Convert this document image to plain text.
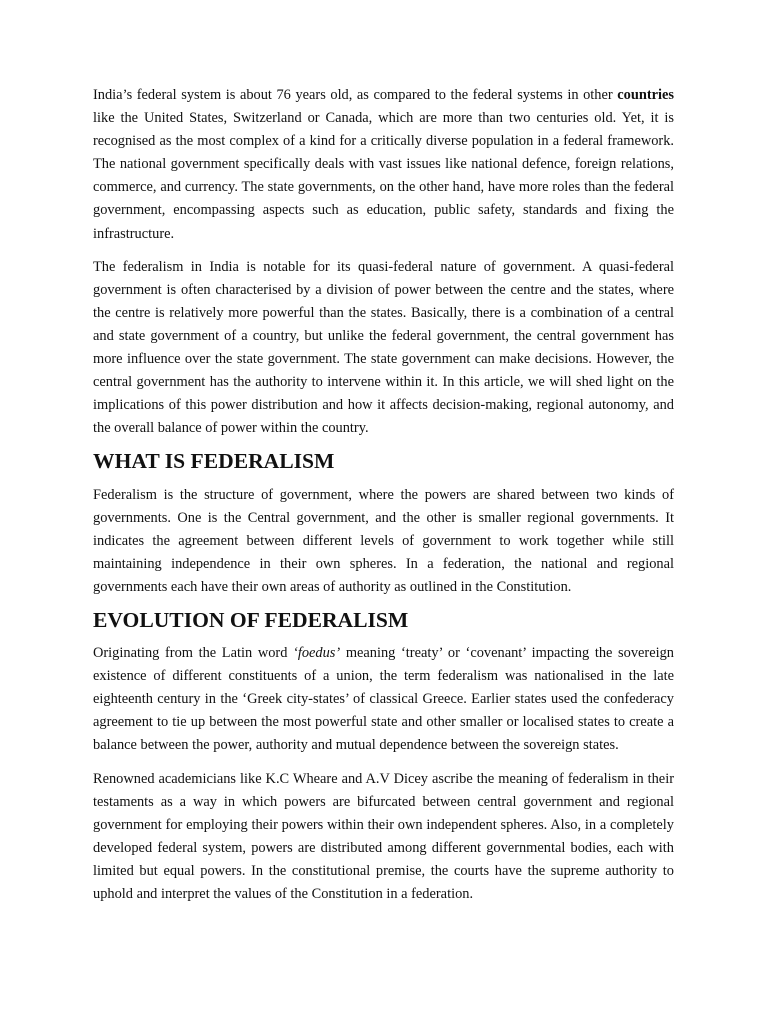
India’s federal system is about 76 years old, as compared to the federal systems in other countries like the United States, Switzerland or Canada, which are more than two centuries old. Yet, it is recognised as the most complex of a kind for a critically diverse population in a federal framework. The national government specifically deals with vast issues like national defence, foreign relations, commerce, and currency. The state governments, on the other hand, have more roles than the federal government, encompassing aspects such as education, public safety, standards and fixing the infrastructure.

The federalism in India is notable for its quasi-federal nature of government. A quasi-federal government is often characterised by a division of power between the centre and the states, where the centre is relatively more powerful than the states. Basically, there is a combination of a central and state government of a country, but unlike the federal government, the central government has more influence over the state government. The state government can make decisions. However, the central government has the authority to intervene within it. In this article, we will shed light on the implications of this power distribution and how it affects decision-making, regional autonomy, and the overall balance of power within the country.

WHAT IS FEDERALISM

Federalism is the structure of government, where the powers are shared between two kinds of governments. One is the Central government, and the other is smaller regional governments. It indicates the agreement between different levels of government to work together while still maintaining independence in their own spheres. In a federation, the national and regional governments each have their own areas of authority as outlined in the Constitution.

EVOLUTION OF FEDERALISM

Originating from the Latin word ‘foedus’ meaning ‘treaty’ or ‘covenant’ impacting the sovereign existence of different constituents of a union, the term federalism was nationalised in the late eighteenth century in the ‘Greek city-states’ of classical Greece. Earlier states used the confederacy agreement to tie up between the most powerful state and other smaller or localised states to create a balance between the power, authority and mutual dependence between the sovereign states.

Renowned academicians like K.C Wheare and A.V Dicey ascribe the meaning of federalism in their testaments as a way in which powers are bifurcated between central government and regional government for employing their powers within their own independent spheres. Also, in a completely developed federal system, powers are distributed among different governmental bodies, each with limited but equal powers. In the constitutional premise, the courts have the supreme authority to uphold and interpret the values of the Constitution in a federation.
